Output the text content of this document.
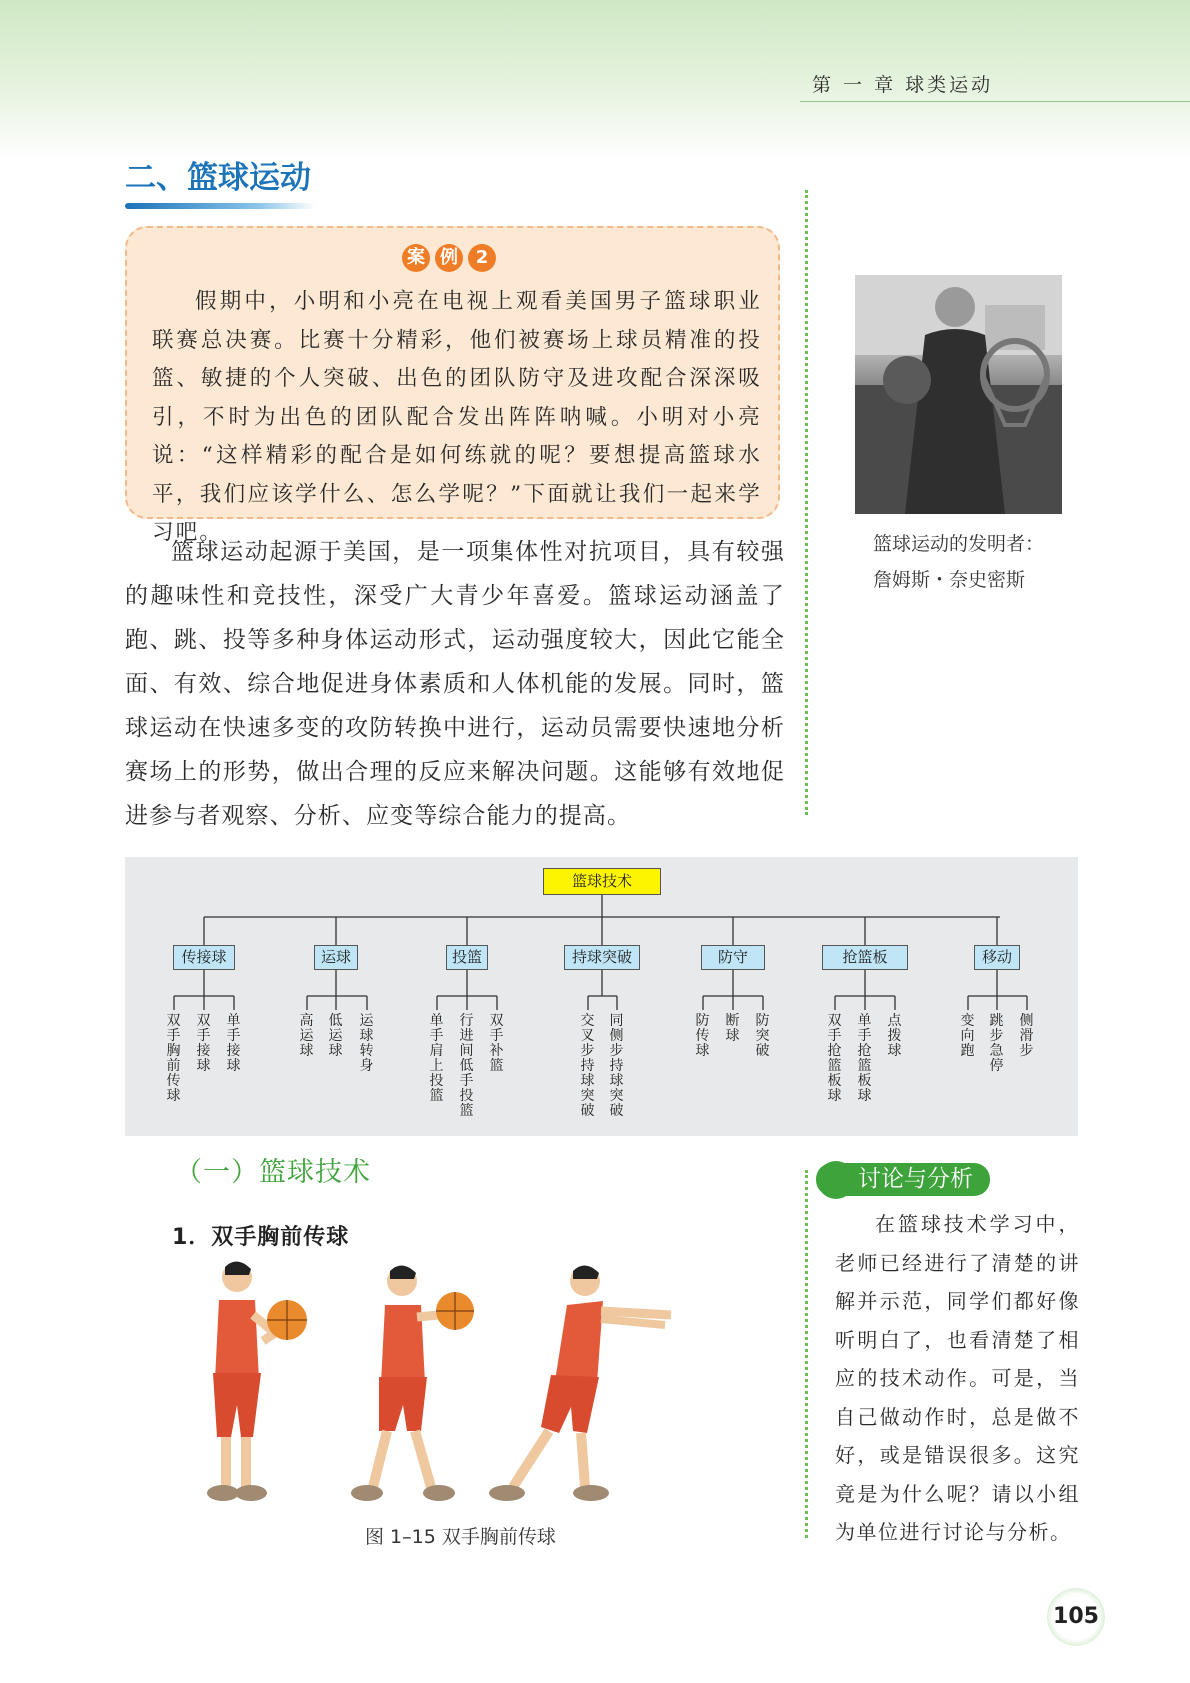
第 一 章 球类运动
二、篮球运动
案 例 2
假期中，小明和小亮在电视上观看美国男子篮球职业联赛总决赛。比赛十分精彩，他们被赛场上球员精准的投篮、敏捷的个人突破、出色的团队防守及进攻配合深深吸引，不时为出色的团队配合发出阵阵呐喊。小明对小亮说：“这样精彩的配合是如何练就的呢？要想提高篮球水平，我们应该学什么、怎么学呢？”下面就让我们一起来学习吧。	篮球运动的发明者：
詹姆斯・奈史密斯
篮球运动起源于美国，是一项集体性对抗项目，具有较强的趣味性和竞技性，深受广大青少年喜爱。篮球运动涵盖了跑、跳、投等多种身体运动形式，运动强度较大，因此它能全面、有效、综合地促进身体素质和人体机能的发展。同时，篮球运动在快速多变的攻防转换中进行，运动员需要快速地分析赛场上的形势，做出合理的反应来解决问题。这能够有效地促进参与者观察、分析、应变等综合能力的提高。
篮球技术
传接球	运球	投篮	持球突破	防守	抢篮板	移动
双手胸前传球
双手接球
单手接球
高运球
低运球
运球转身
单手肩上投篮
行进间低手投篮
双手补篮
交叉步持球突破
同侧步持球突破
防传球
断球
防突破
双手抢篮板球
单手抢篮板球
点拨球
变向跑
跳步急停
侧滑步
（一）篮球技术
1．双手胸前传球
图 1–15 双手胸前传球
讨论与分析
在篮球技术学习中，老师已经进行了清楚的讲解并示范，同学们都好像听明白了，也看清楚了相应的技术动作。可是，当自己做动作时，总是做不好，或是错误很多。这究竟是为什么呢？请以小组为单位进行讨论与分析。
105
